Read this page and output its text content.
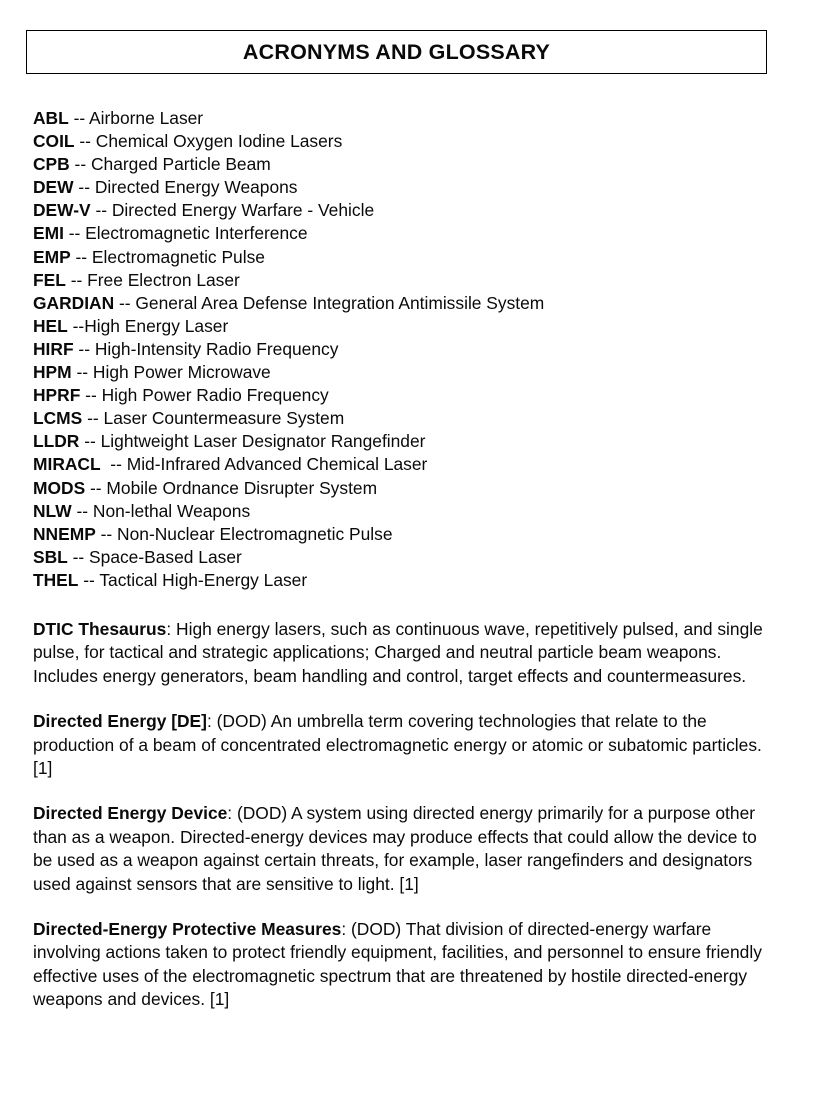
ACRONYMS AND GLOSSARY
ABL -- Airborne Laser
COIL -- Chemical Oxygen Iodine Lasers
CPB -- Charged Particle Beam
DEW -- Directed Energy Weapons
DEW-V -- Directed Energy Warfare - Vehicle
EMI -- Electromagnetic Interference
EMP -- Electromagnetic Pulse
FEL -- Free Electron Laser
GARDIAN -- General Area Defense Integration Antimissile System
HEL --High Energy Laser
HIRF -- High-Intensity Radio Frequency
HPM -- High Power Microwave
HPRF -- High Power Radio Frequency
LCMS -- Laser Countermeasure System
LLDR -- Lightweight Laser Designator Rangefinder
MIRACL  -- Mid-Infrared Advanced Chemical Laser
MODS -- Mobile Ordnance Disrupter System
NLW -- Non-lethal Weapons
NNEMP -- Non-Nuclear Electromagnetic Pulse
SBL -- Space-Based Laser
THEL -- Tactical High-Energy Laser

DTIC Thesaurus: High energy lasers, such as continuous wave, repetitively pulsed, and single pulse, for tactical and strategic applications; Charged and neutral particle beam weapons. Includes energy generators, beam handling and control, target effects and countermeasures.

Directed Energy [DE]: (DOD) An umbrella term covering technologies that relate to the production of a beam of concentrated electromagnetic energy or atomic or subatomic particles. [1]

Directed Energy Device: (DOD) A system using directed energy primarily for a purpose other than as a weapon. Directed-energy devices may produce effects that could allow the device to be used as a weapon against certain threats, for example, laser rangefinders and designators used against sensors that are sensitive to light. [1]

Directed-Energy Protective Measures: (DOD) That division of directed-energy warfare involving actions taken to protect friendly equipment, facilities, and personnel to ensure friendly effective uses of the electromagnetic spectrum that are threatened by hostile directed-energy weapons and devices. [1]
